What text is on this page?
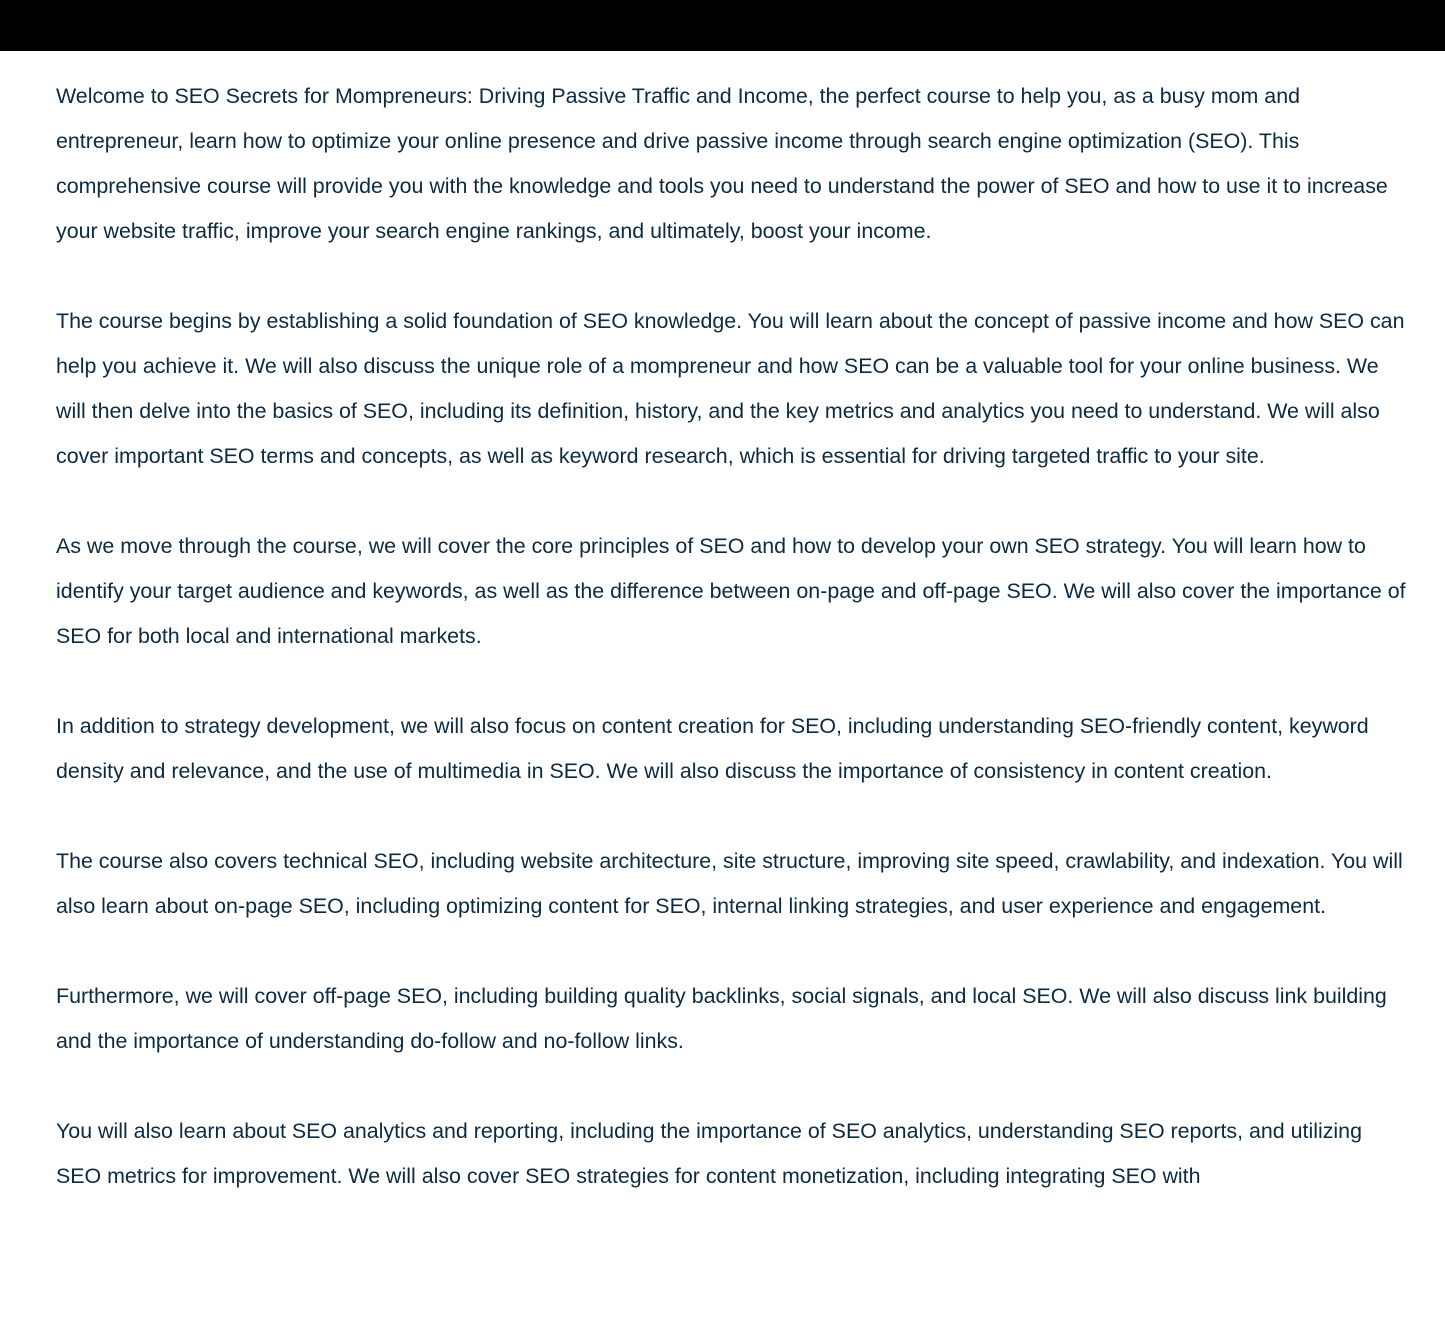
Welcome to SEO Secrets for Mompreneurs: Driving Passive Traffic and Income, the perfect course to help you, as a busy mom and entrepreneur, learn how to optimize your online presence and drive passive income through search engine optimization (SEO). This comprehensive course will provide you with the knowledge and tools you need to understand the power of SEO and how to use it to increase your website traffic, improve your search engine rankings, and ultimately, boost your income.

The course begins by establishing a solid foundation of SEO knowledge. You will learn about the concept of passive income and how SEO can help you achieve it. We will also discuss the unique role of a mompreneur and how SEO can be a valuable tool for your online business. We will then delve into the basics of SEO, including its definition, history, and the key metrics and analytics you need to understand. We will also cover important SEO terms and concepts, as well as keyword research, which is essential for driving targeted traffic to your site.

As we move through the course, we will cover the core principles of SEO and how to develop your own SEO strategy. You will learn how to identify your target audience and keywords, as well as the difference between on-page and off-page SEO. We will also cover the importance of SEO for both local and international markets.

In addition to strategy development, we will also focus on content creation for SEO, including understanding SEO-friendly content, keyword density and relevance, and the use of multimedia in SEO. We will also discuss the importance of consistency in content creation.

The course also covers technical SEO, including website architecture, site structure, improving site speed, crawlability, and indexation. You will also learn about on-page SEO, including optimizing content for SEO, internal linking strategies, and user experience and engagement.

Furthermore, we will cover off-page SEO, including building quality backlinks, social signals, and local SEO. We will also discuss link building and the importance of understanding do-follow and no-follow links.

You will also learn about SEO analytics and reporting, including the importance of SEO analytics, understanding SEO reports, and utilizing SEO metrics for improvement. We will also cover SEO strategies for content monetization, including integrating SEO with
